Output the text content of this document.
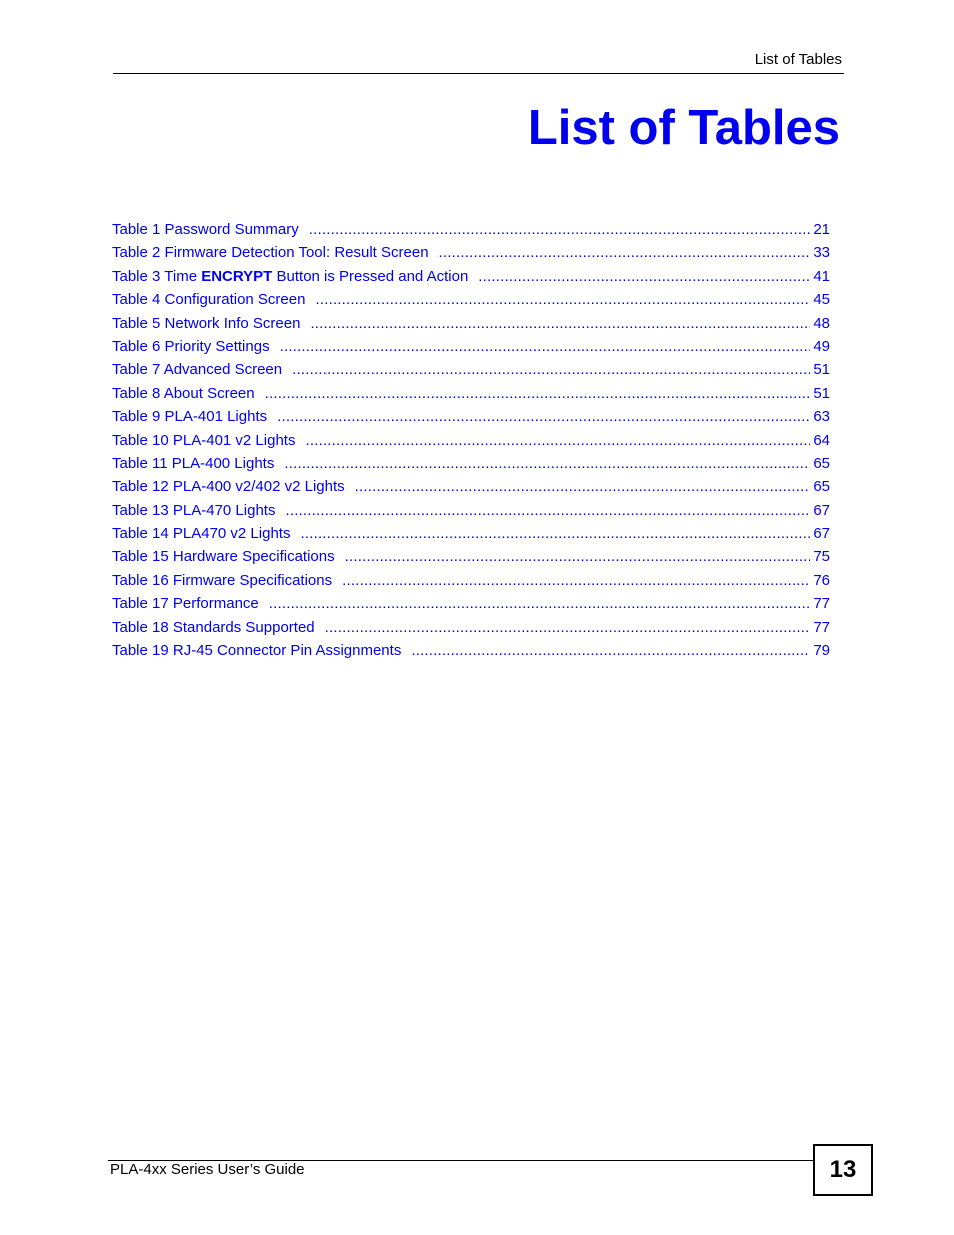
List of Tables
List of Tables
Table 1 Password Summary .....	21
Table 2 Firmware Detection Tool: Result Screen .....	33
Table 3 Time ENCRYPT Button is Pressed and Action .....	41
Table 4 Configuration Screen .....	45
Table 5 Network Info Screen .....	48
Table 6 Priority Settings .....	49
Table 7 Advanced Screen .....	51
Table 8 About Screen .....	51
Table 9 PLA-401 Lights .....	63
Table 10 PLA-401 v2 Lights .....	64
Table 11 PLA-400 Lights .....	65
Table 12 PLA-400 v2/402 v2 Lights .....	65
Table 13 PLA-470 Lights .....	67
Table 14 PLA470 v2 Lights .....	67
Table 15 Hardware Specifications .....	75
Table 16 Firmware Specifications .....	76
Table 17 Performance .....	77
Table 18 Standards Supported .....	77
Table 19 RJ-45 Connector Pin Assignments .....	79
PLA-4xx Series User’s Guide	13
